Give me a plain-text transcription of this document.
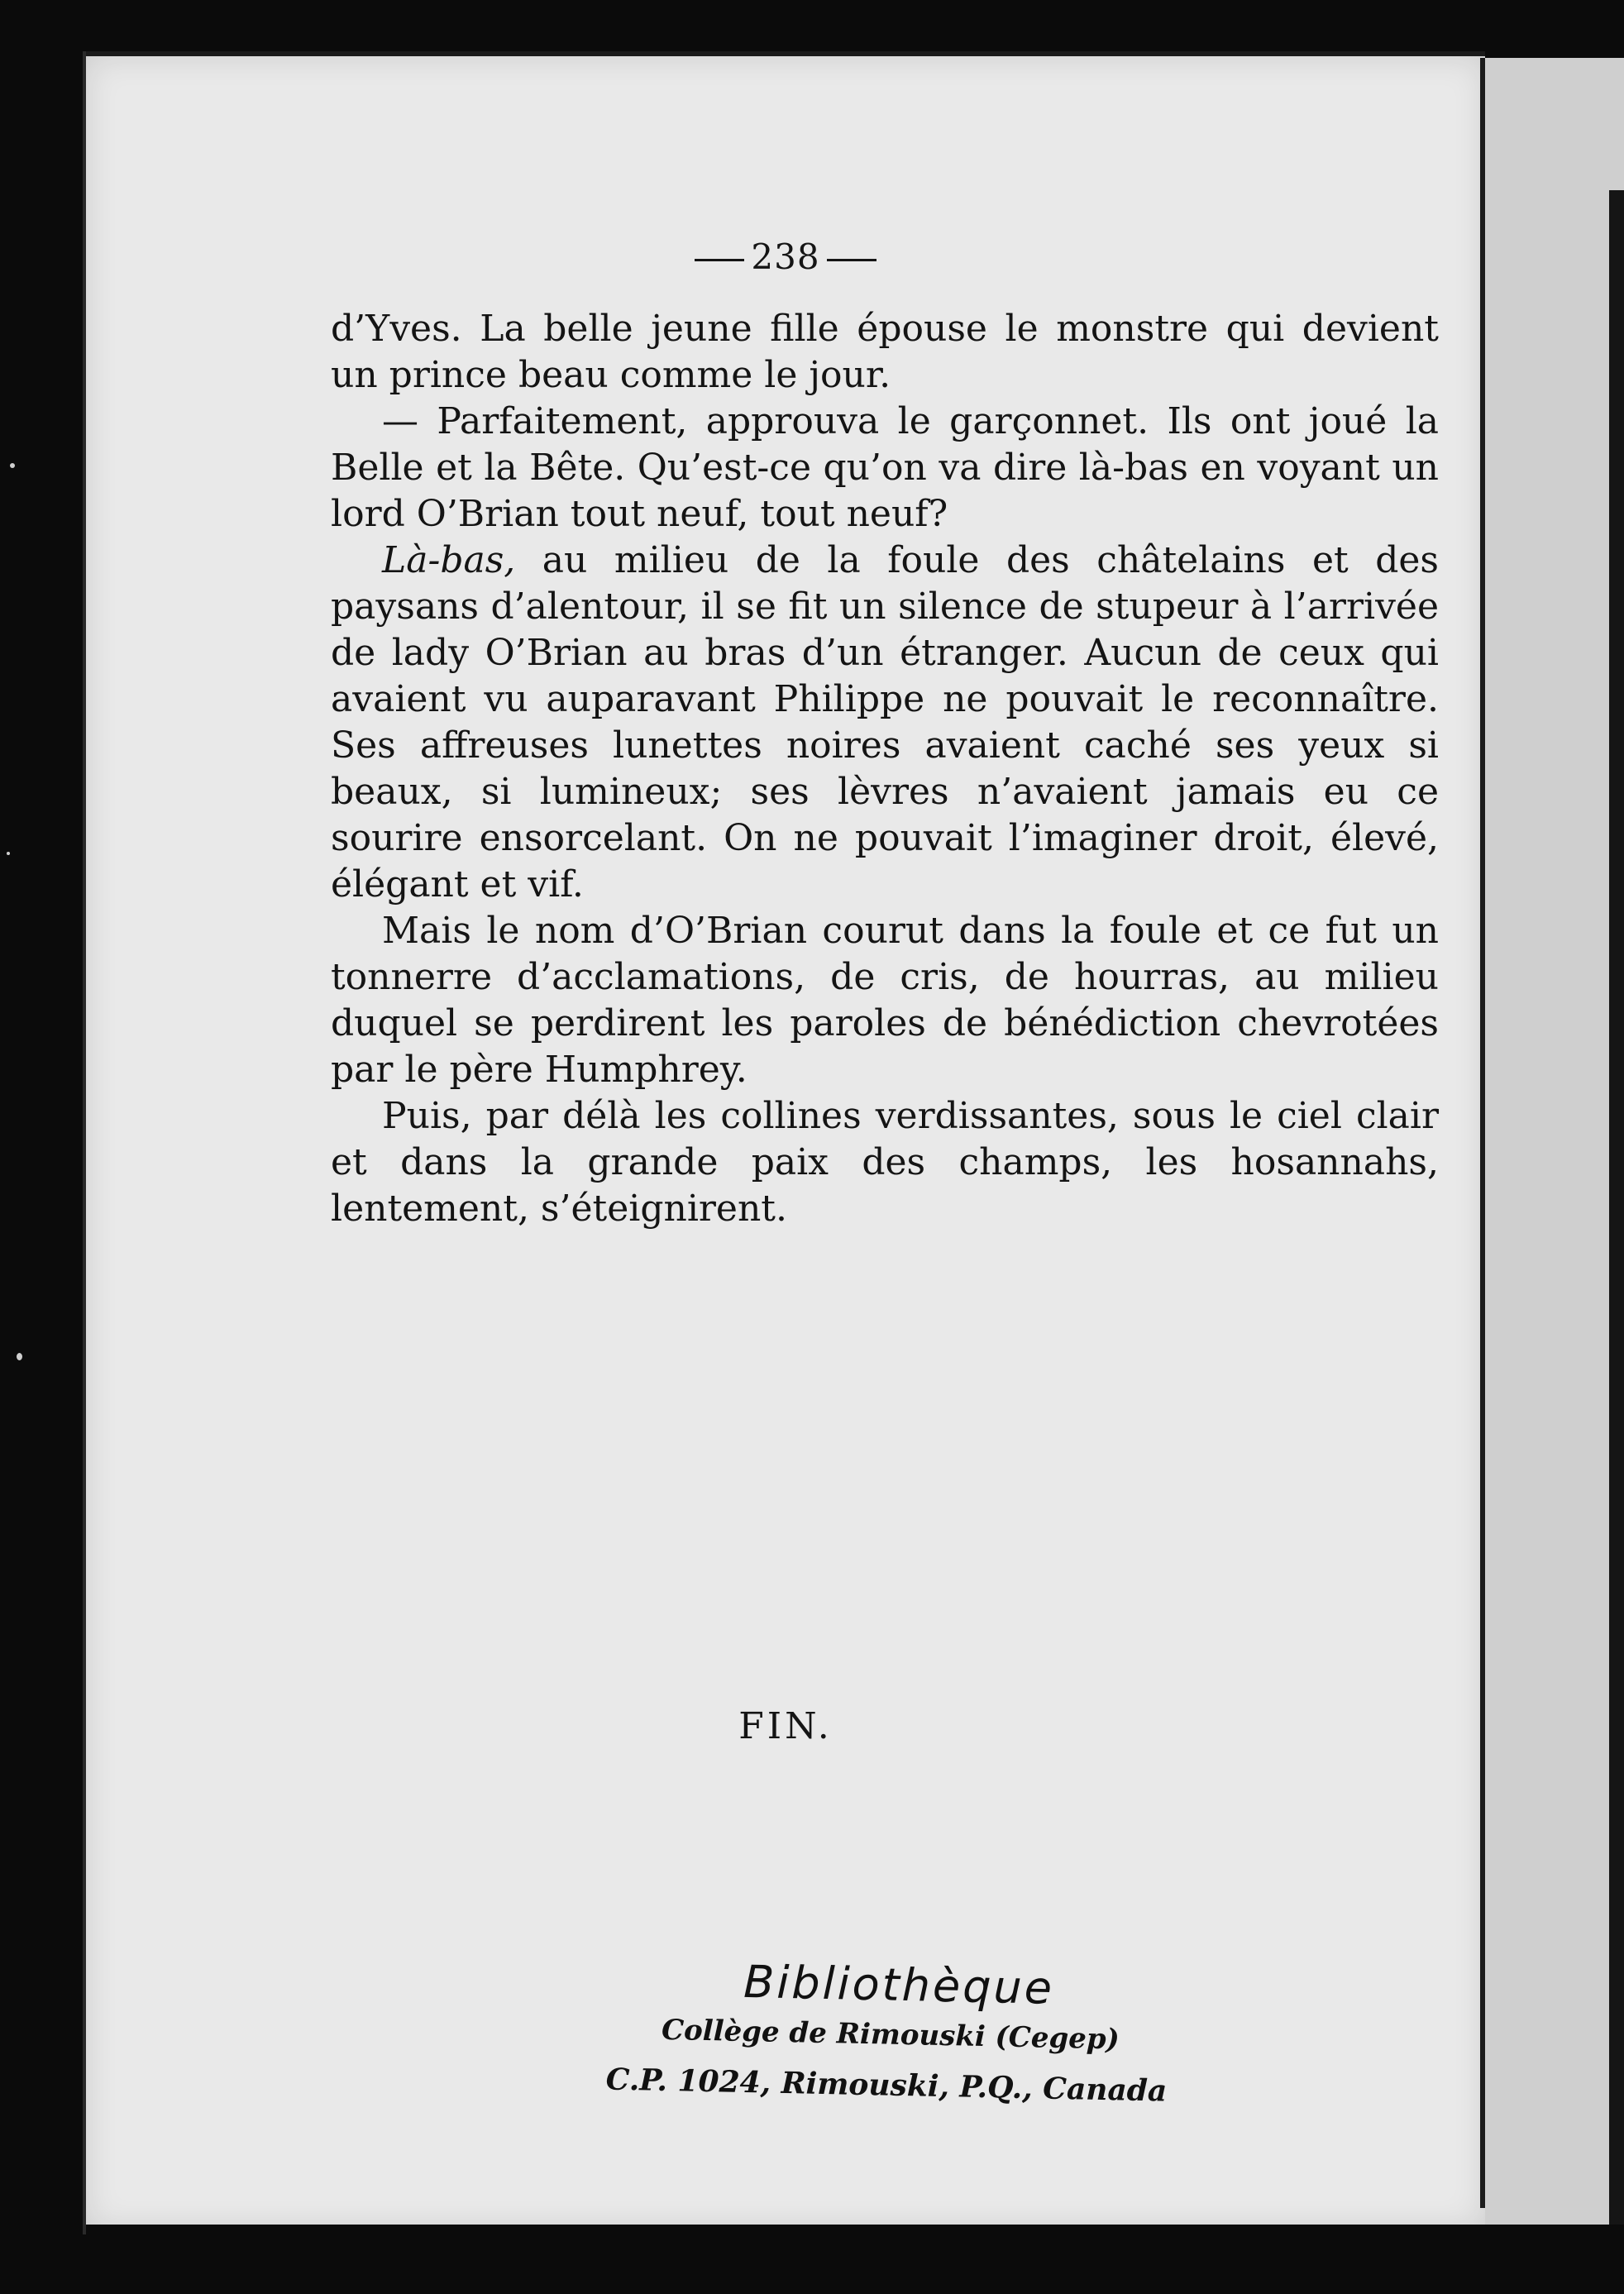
238

d’Yves. La belle jeune fille épouse le monstre qui devient un prince beau comme le jour.

— Parfaitement, approuva le garçonnet. Ils ont joué la Belle et la Bête. Qu’est-ce qu’on va dire là-bas en voyant un lord O’Brian tout neuf, tout neuf?

Là-bas, au milieu de la foule des châtelains et des paysans d’alentour, il se fit un silence de stupeur à l’arrivée de lady O’Brian au bras d’un étranger. Aucun de ceux qui avaient vu auparavant Philippe ne pouvait le reconnaître. Ses affreuses lunettes noires avaient caché ses yeux si beaux, si lumineux; ses lèvres n’avaient jamais eu ce sourire ensorcelant. On ne pouvait l’imaginer droit, élevé, élégant et vif.

Mais le nom d’O’Brian courut dans la foule et ce fut un tonnerre d’acclamations, de cris, de hourras, au milieu duquel se perdirent les paroles de bénédiction chevrotées par le père Humphrey.

Puis, par délà les collines verdissantes, sous le ciel clair et dans la grande paix des champs, les hosannahs, lentement, s’éteignirent.

FIN.
Bibliothèque
Collège de Rimouski (Cegep)
C.P. 1024, Rimouski, P.Q., Canada
